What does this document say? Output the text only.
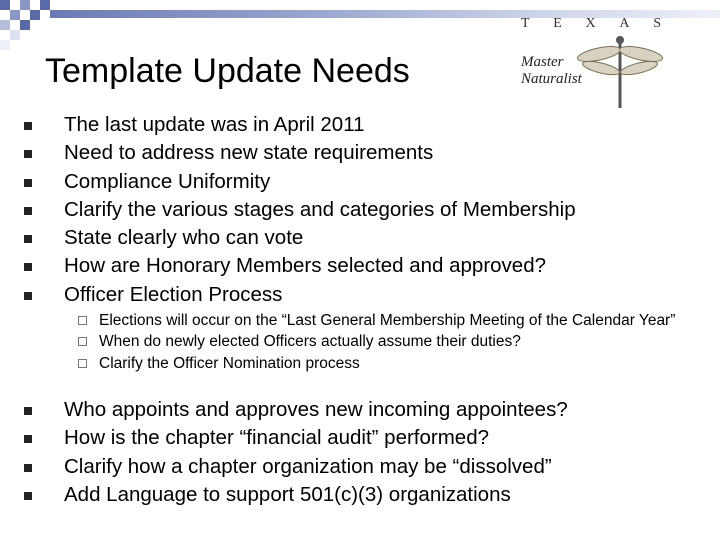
T E X A S
Master
Naturalist
Template Update Needs
The last update was in April 2011
Need to address new state requirements
Compliance Uniformity
Clarify the various stages and categories of Membership
State clearly who can vote
How are Honorary Members selected and approved?
Officer Election Process
Elections will occur on the “Last General Membership Meeting of the Calendar Year”
When do newly elected Officers actually assume their duties?
Clarify the Officer Nomination process
Who appoints and approves new incoming appointees?
How is the chapter “financial audit” performed?
Clarify how a chapter organization may be “dissolved”
Add Language to support 501(c)(3) organizations
